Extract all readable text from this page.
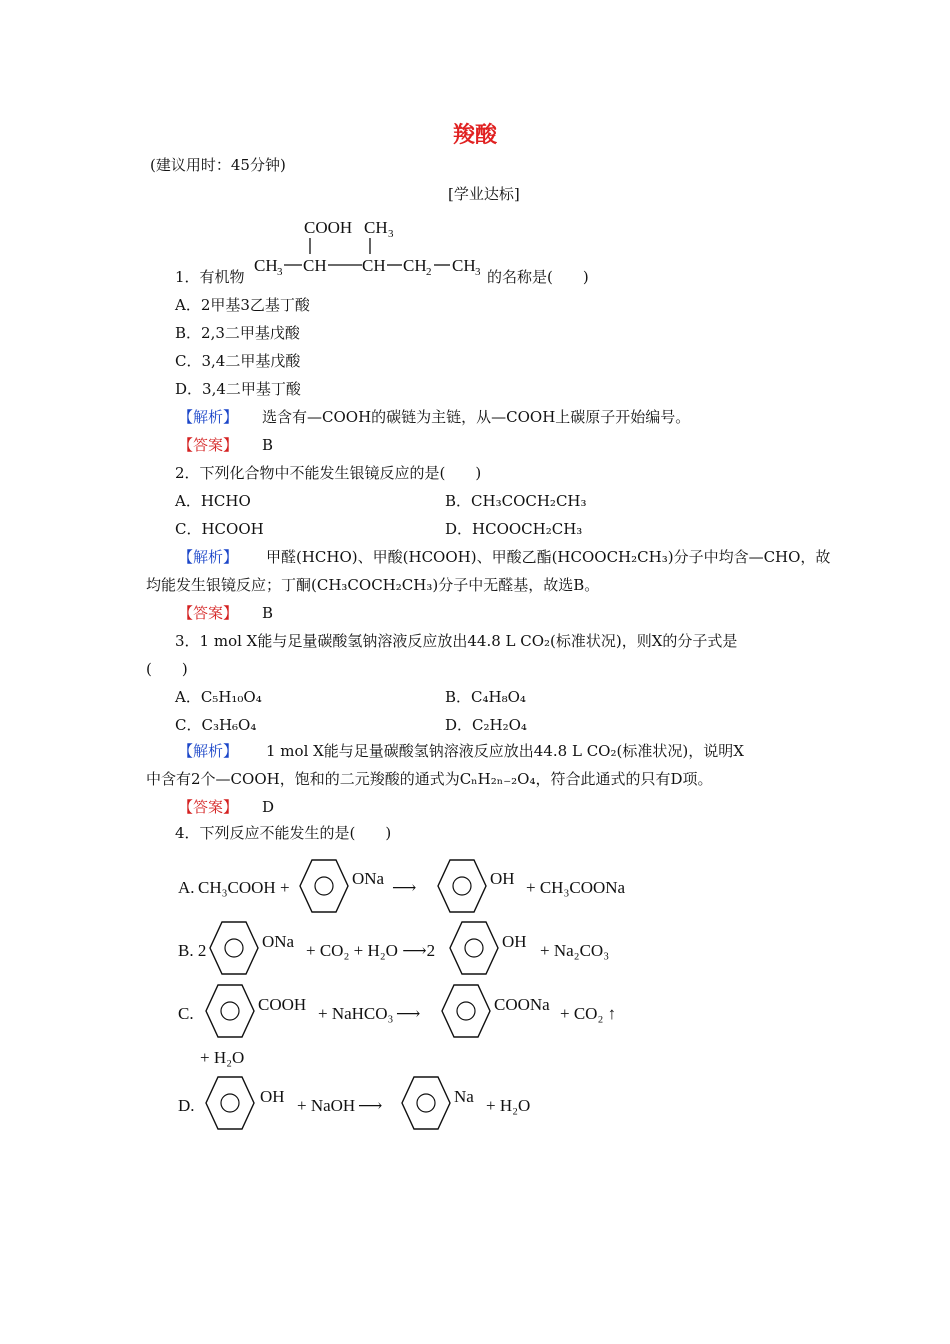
羧酸
(建议用时：45分钟)
[学业达标]
1．有机物
COOH CH 3
CH 3 CH CH CH 2 CH 3 的名称是(　　)
A．2甲基3乙基丁酸
B．2,3二甲基戊酸
C．3,4二甲基戊酸
D．3,4二甲基丁酸
【解析】 选含有—COOH的碳链为主链，从—COOH上碳原子开始编号。
【答案】 B
2．下列化合物中不能发生银镜反应的是(　　)
A．HCHO	B．CH₃COCH₂CH₃
C．HCOOH	D．HCOOCH₂CH₃
【解析】 甲醛(HCHO)、甲酸(HCOOH)、甲酸乙酯(HCOOCH₂CH₃)分子中均含—CHO，故
均能发生银镜反应；丁酮(CH₃COCH₂CH₃)分子中无醛基，故选B。
【答案】 B
3．1 mol X能与足量碳酸氢钠溶液反应放出44.8 L CO₂(标准状况)，则X的分子式是
(　　)
A．C₅H₁₀O₄	B．C₄H₈O₄
C．C₃H₆O₄	D．C₂H₂O₄
【解析】 1 mol X能与足量碳酸氢钠溶液反应放出44.8 L CO₂(标准状况)，说明X
中含有2个—COOH，饱和的二元羧酸的通式为CₙH₂ₙ₋₂O₄，符合此通式的只有D项。
【答案】 D
4．下列反应不能发生的是(　　)
A. CH₃COOH +	ONa ⟶	OH + CH₃COONa
B. 2	ONa + CO₂ + H₂O ⟶2	OH + Na₂CO₃
C.	COOH + NaHCO₃ ⟶	COONa + CO₂ ↑
+ H₂O
D.	OH + NaOH ⟶	Na + H₂O
